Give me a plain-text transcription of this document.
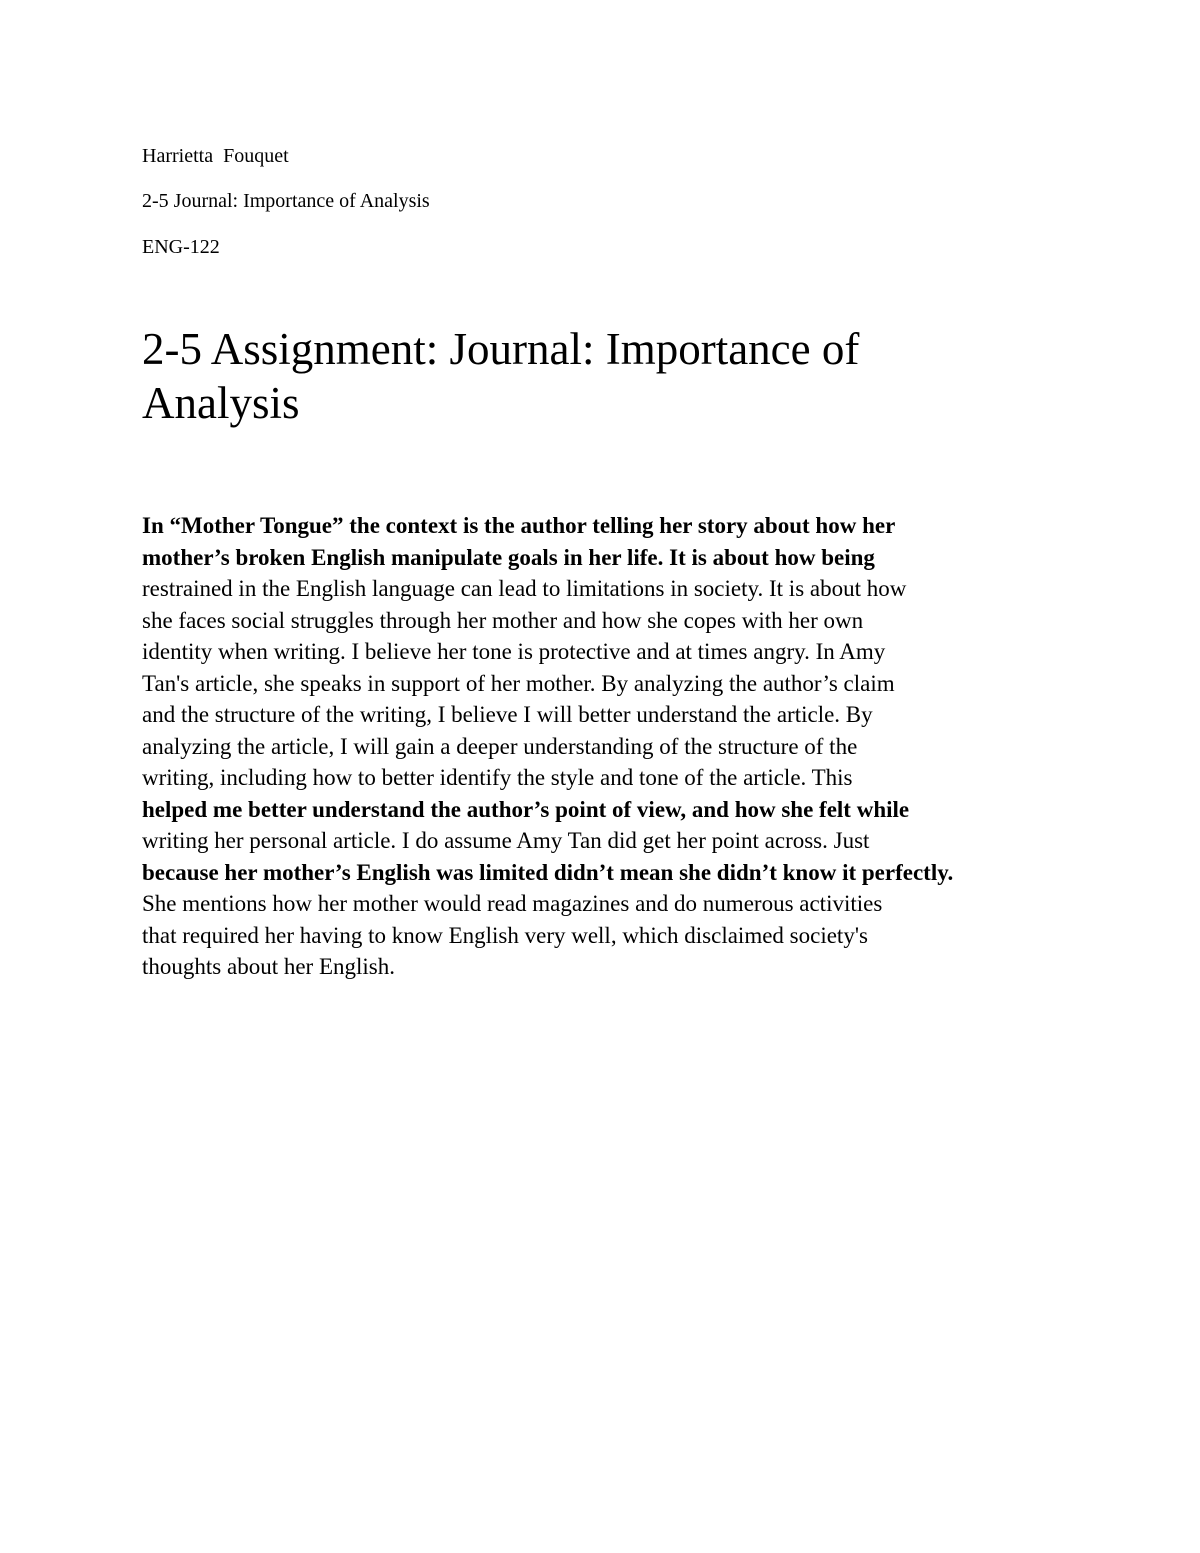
Harrietta  Fouquet
2-5 Journal: Importance of Analysis
ENG-122
2-5 Assignment: Journal: Importance of
Analysis
In “Mother Tongue” the context is the author telling her story about how her
mother’s broken English manipulate goals in her life. It is about how being
restrained in the English language can lead to limitations in society. It is about how
she faces social struggles through her mother and how she copes with her own
identity when writing. I believe her tone is protective and at times angry. In Amy
Tan's article, she speaks in support of her mother. By analyzing the author’s claim
and the structure of the writing, I believe I will better understand the article. By
analyzing the article, I will gain a deeper understanding of the structure of the
writing, including how to better identify the style and tone of the article. This
helped me better understand the author’s point of view, and how she felt while
writing her personal article. I do assume Amy Tan did get her point across. Just
because her mother’s English was limited didn’t mean she didn’t know it perfectly.
She mentions how her mother would read magazines and do numerous activities
that required her having to know English very well, which disclaimed society's
thoughts about her English.
